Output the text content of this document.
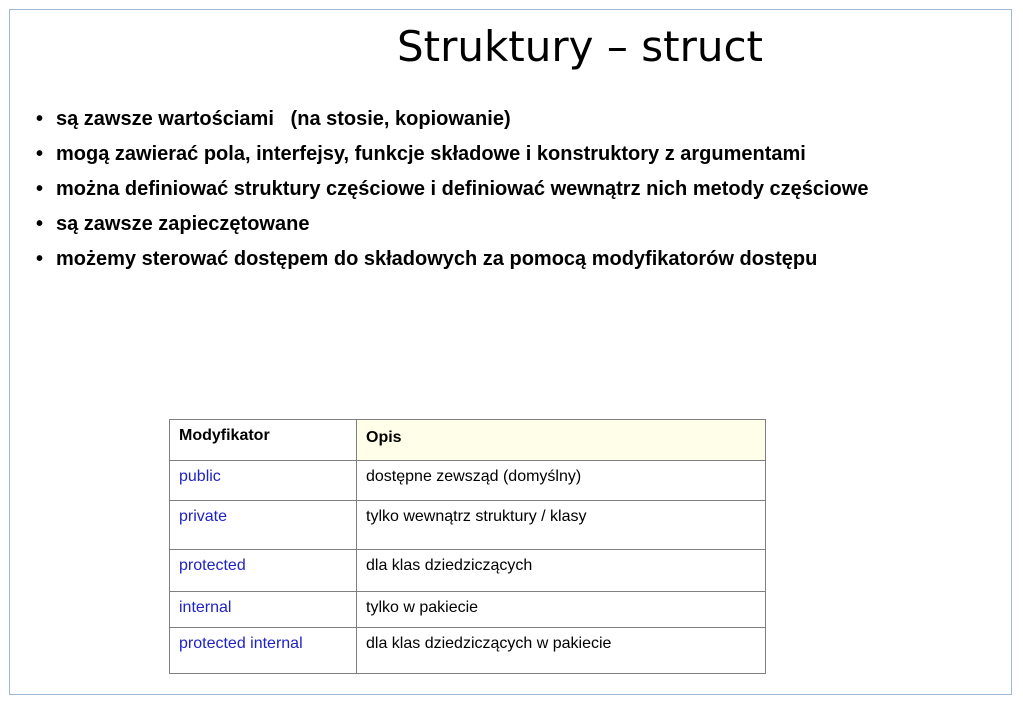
Struktury – struct
• są zawsze wartościami   (na stosie, kopiowanie)
• mogą zawierać pola, interfejsy, funkcje składowe i konstruktory z argumentami
• można definiować struktury częściowe i definiować wewnątrz nich metody częściowe
• są zawsze zapieczętowane
• możemy sterować dostępem do składowych za pomocą modyfikatorów dostępu
Modyfikator	Opis
public	dostępne zewsząd (domyślny)
private	tylko wewnątrz struktury / klasy
protected	dla klas dziedziczących
internal	tylko w pakiecie
protected internal	dla klas dziedziczących w pakiecie
